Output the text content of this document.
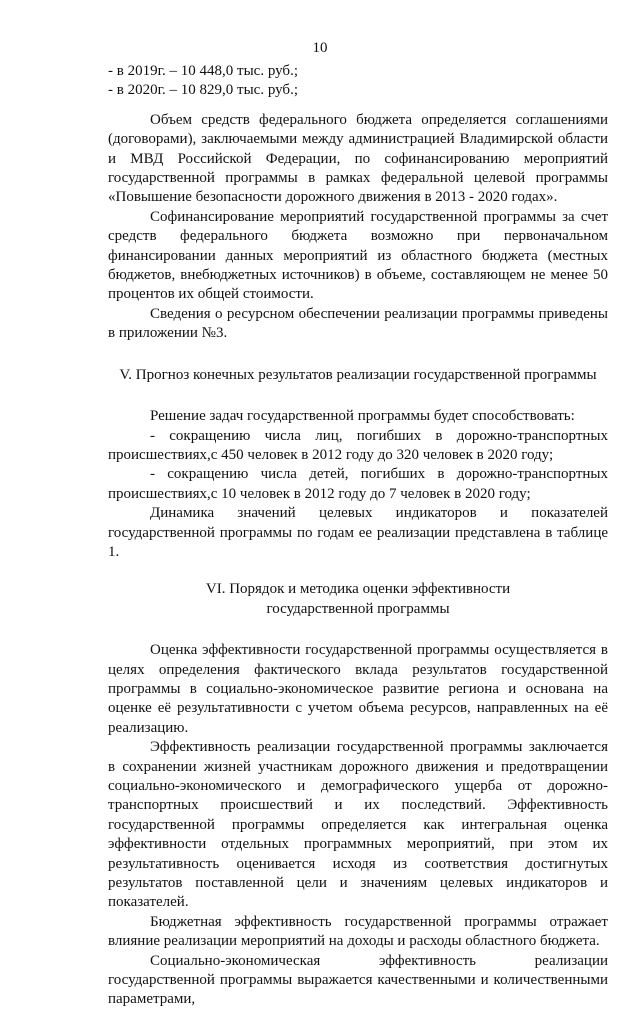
10

- в 2019г. – 10 448,0 тыс. руб.;

- в 2020г. – 10 829,0 тыс. руб.;

Объем средств федерального бюджета определяется соглашениями (договорами), заключаемыми между администрацией Владимирской области и МВД Российской Федерации, по софинансированию мероприятий государственной программы в рамках федеральной целевой программы «Повышение безопасности дорожного движения в 2013 - 2020 годах».

Софинансирование мероприятий государственной программы за счет средств федерального бюджета возможно при первоначальном финансировании данных мероприятий из областного бюджета (местных бюджетов, внебюджетных источников) в объеме, составляющем не менее 50 процентов их общей стоимости.

Сведения о ресурсном обеспечении реализации программы приведены в приложении №3.

V. Прогноз конечных результатов реализации государственной программы

Решение задач государственной программы будет способствовать:

- сокращению числа лиц, погибших в дорожно-транспортных происшествиях,с 450 человек в 2012 году до 320 человек в 2020 году;

- сокращению числа детей, погибших в дорожно-транспортных происшествиях,с 10 человек в 2012 году до 7 человек в 2020 году;

Динамика значений целевых индикаторов и показателей государственной программы по годам ее реализации представлена в таблице 1.

VI. Порядок и методика оценки эффективности

государственной программы

Оценка эффективности государственной программы осуществляется в целях определения фактического вклада результатов государственной программы в социально-экономическое развитие региона и основана на оценке её результативности с учетом объема ресурсов, направленных на её реализацию.

Эффективность реализации государственной программы заключается в сохранении жизней участникам дорожного движения и предотвращении социально-экономического и демографического ущерба от дорожно-транспортных происшествий и их последствий. Эффективность государственной программы определяется как интегральная оценка эффективности отдельных программных мероприятий, при этом их результативность оценивается исходя из соответствия достигнутых результатов поставленной цели и значениям целевых индикаторов и показателей.

Бюджетная эффективность государственной программы отражает влияние реализации мероприятий на доходы и расходы областного бюджета.

Социально-экономическая эффективность реализации государственной программы выражается качественными и количественными параметрами,
